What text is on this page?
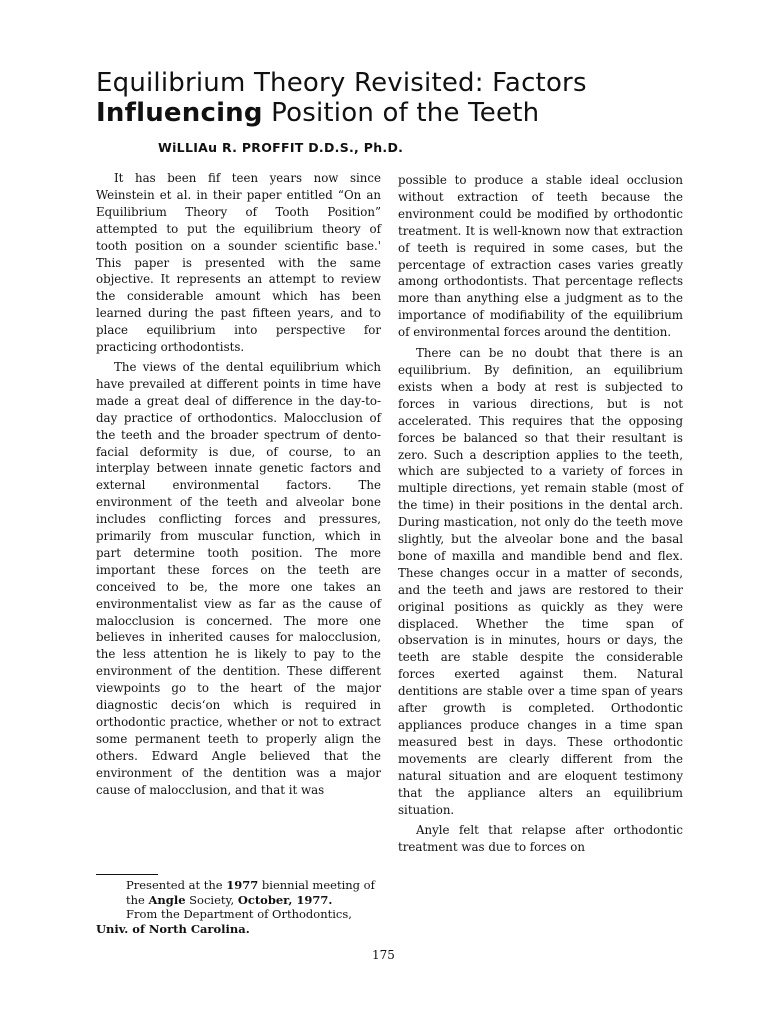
Equilibrium Theory Revisited: Factors
Influencing Position of the Teeth
WiLLIAu R. PROFFIT D.D.S., Ph.D.

It has been fif teen years now since Weinstein et al. in their paper entitled “On an Equilibrium Theory of Tooth Position” attempted to put the equilibrium theory of tooth position on a sounder scientific base.' This paper is presented with the same objective. It represents an attempt to review the considerable amount which has been learned during the past fifteen years, and to place equilibrium into perspective for practicing orthodontists.

The views of the dental equilibrium which have prevailed at different points in time have made a great deal of difference in the day-to-day practice of orthodontics. Malocclusion of the teeth and the broader spectrum of dento-facial deformity is due, of course, to an interplay between innate genetic factors and external environmental factors. The environment of the teeth and alveolar bone includes conflicting forces and pressures, primarily from muscular function, which in part determine tooth position. The more important these forces on the teeth are conceived to be, the more one takes an environmentalist view as far as the cause of malocclusion is concerned. The more one believes in inherited causes for malocclusion, the less attention he is likely to pay to the environment of the dentition. These different viewpoints go to the heart of the major diagnostic decis‘on which is required in orthodontic practice, whether or not to extract some permanent teeth to properly align the others. Edward Angle believed that the environment of the dentition was a major cause of malocclusion, and that it was

possible to produce a stable ideal occlusion without extraction of teeth because the environment could be modified by orthodontic treatment. It is well-known now that extraction of teeth is required in some cases, but the percentage of extraction cases varies greatly among orthodontists. That percentage reflects more than anything else a judgment as to the importance of modifiability of the equilibrium of environmental forces around the dentition.

There can be no doubt that there is an equilibrium. By definition, an equilibrium exists when a body at rest is subjected to forces in various directions, but is not accelerated. This requires that the opposing forces be balanced so that their resultant is zero. Such a description applies to the teeth, which are subjected to a variety of forces in multiple directions, yet remain stable (most of the time) in their positions in the dental arch. During mastication, not only do the teeth move slightly, but the alveolar bone and the basal bone of maxilla and mandible bend and flex. These changes occur in a matter of seconds, and the teeth and jaws are restored to their original positions as quickly as they were displaced. Whether the time span of observation is in minutes, hours or days, the teeth are stable despite the considerable forces exerted against them. Natural dentitions are stable over a time span of years after growth is completed. Orthodontic appliances produce changes in a time span measured best in days. These orthodontic movements are clearly different from the natural situation and are eloquent testimony that the appliance alters an equilibrium situation.

Anyle felt that relapse after orthodontic treatment was due to forces on

Presented at the 1977 biennial meeting of the Angle Society, October, 1977.
From the Department of Orthodontics,
Univ. of North Carolina.
175
